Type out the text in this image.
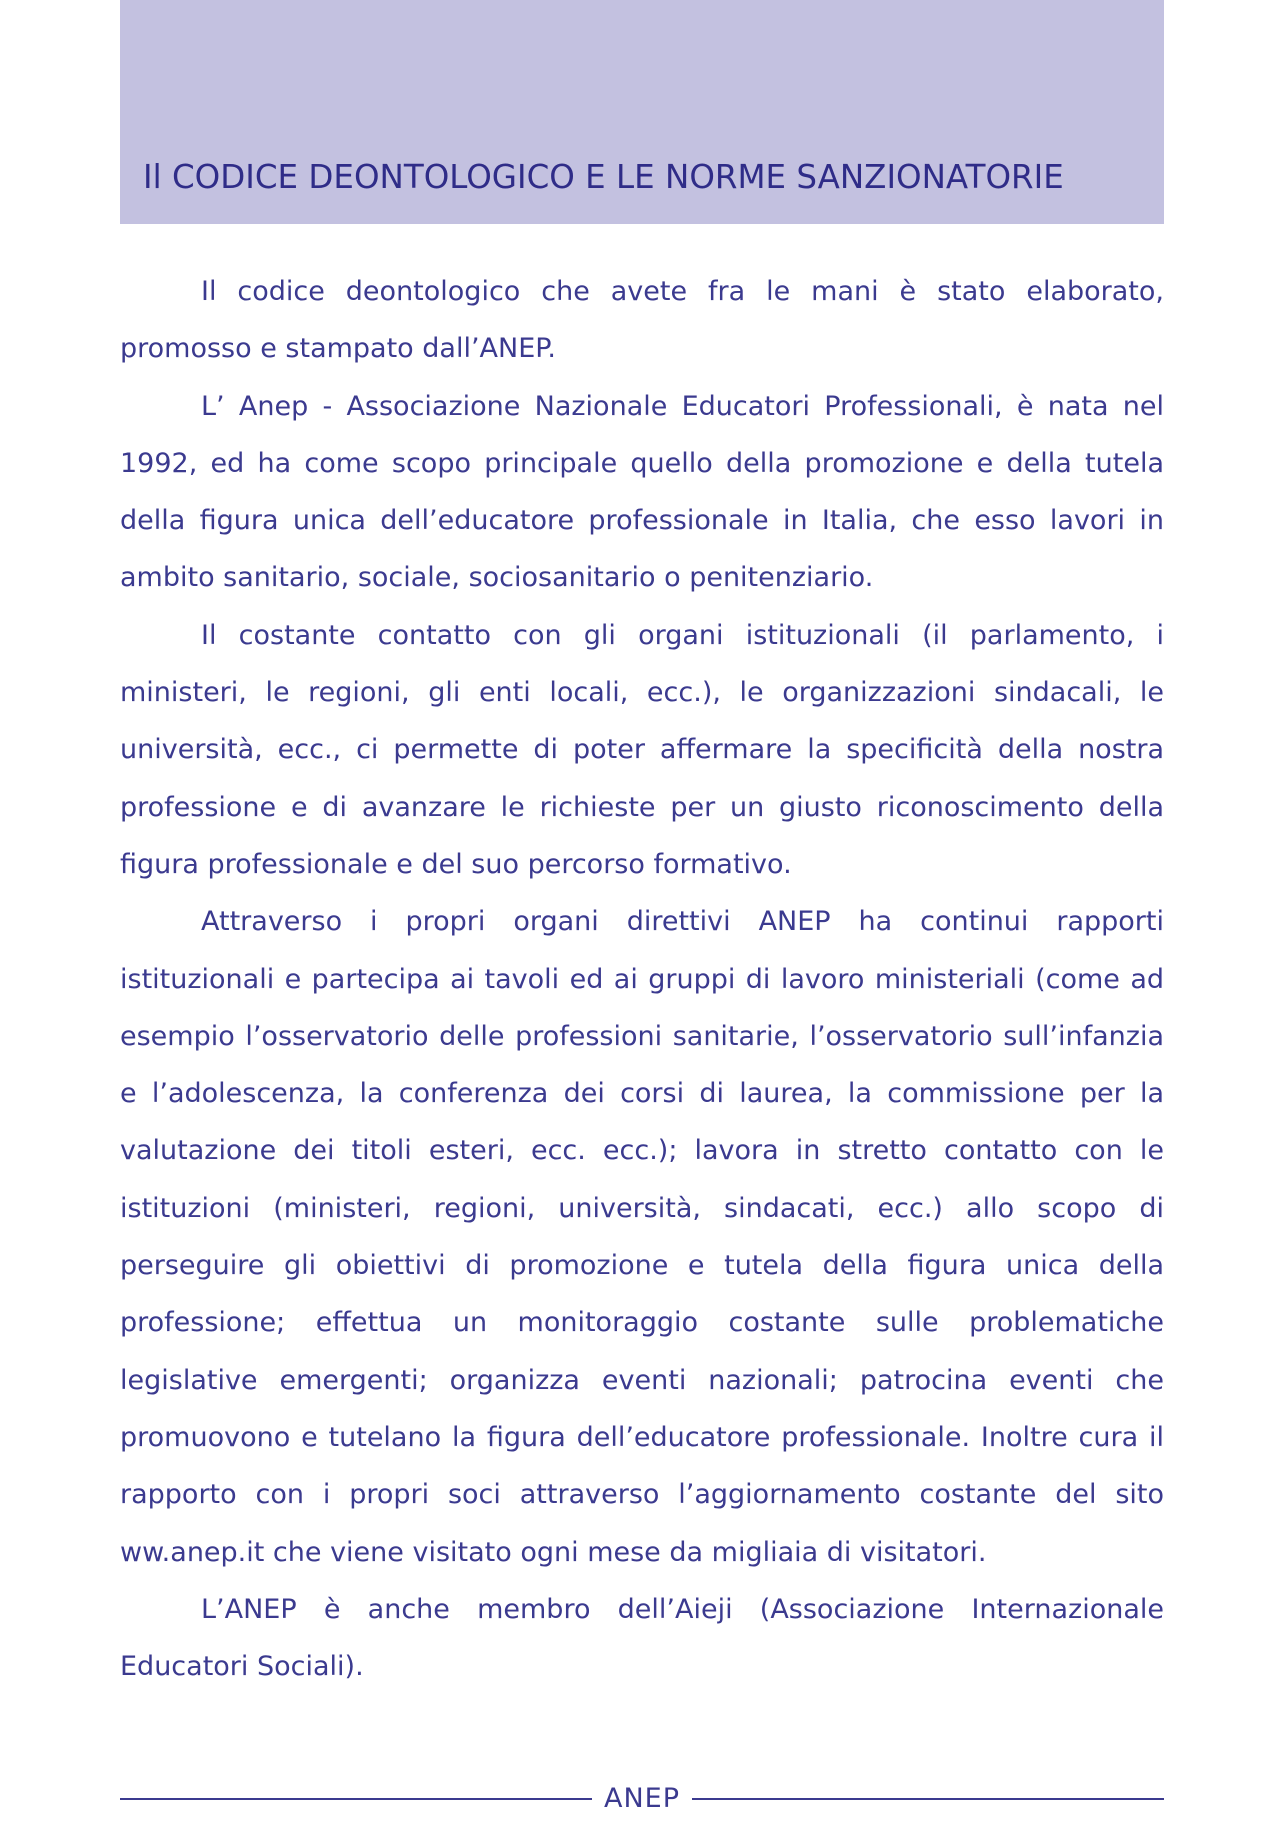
Il CODICE DEONTOLOGICO E LE NORME SANZIONATORIE

Il codice deontologico che avete fra le mani è stato elaborato, promosso e stampato dall’ANEP.

L’ Anep - Associazione Nazionale Educatori Professionali, è nata nel 1992, ed ha come scopo principale quello della promozione e della tutela della figura unica dell’educatore professionale in Italia, che esso lavori in ambito sanitario, sociale, sociosanitario o penitenziario.

Il costante contatto con gli organi istituzionali (il parlamento, i ministeri, le regioni, gli enti locali, ecc.), le organizzazioni sindacali, le università, ecc., ci permette di poter affermare la specificità della nostra professione e di avanzare le richieste per un giusto riconoscimento della figura professionale e del suo percorso formativo.

Attraverso i propri organi direttivi ANEP ha continui rapporti istituzionali e partecipa ai tavoli ed ai gruppi di lavoro ministeriali (come ad esempio l’osservatorio delle professioni sanitarie, l’osservatorio sull’infanzia e l’adolescenza, la conferenza dei corsi di laurea, la commissione per la valutazione dei titoli esteri, ecc. ecc.); lavora in stretto contatto con le istituzioni (ministeri, regioni, università, sindacati, ecc.) allo scopo di perseguire gli obiettivi di promozione e tutela della figura unica della professione; effettua un monitoraggio costante sulle problematiche legislative emergenti; organizza eventi nazionali; patrocina eventi che promuovono e tutelano la figura dell’educatore professionale. Inoltre cura il rapporto con i propri soci attraverso l’aggiornamento costante del sito ww.anep.it che viene visitato ogni mese da migliaia di visitatori.

L’ANEP è anche membro dell’Aieji (Associazione Internazionale Educatori Sociali).

ANEP
